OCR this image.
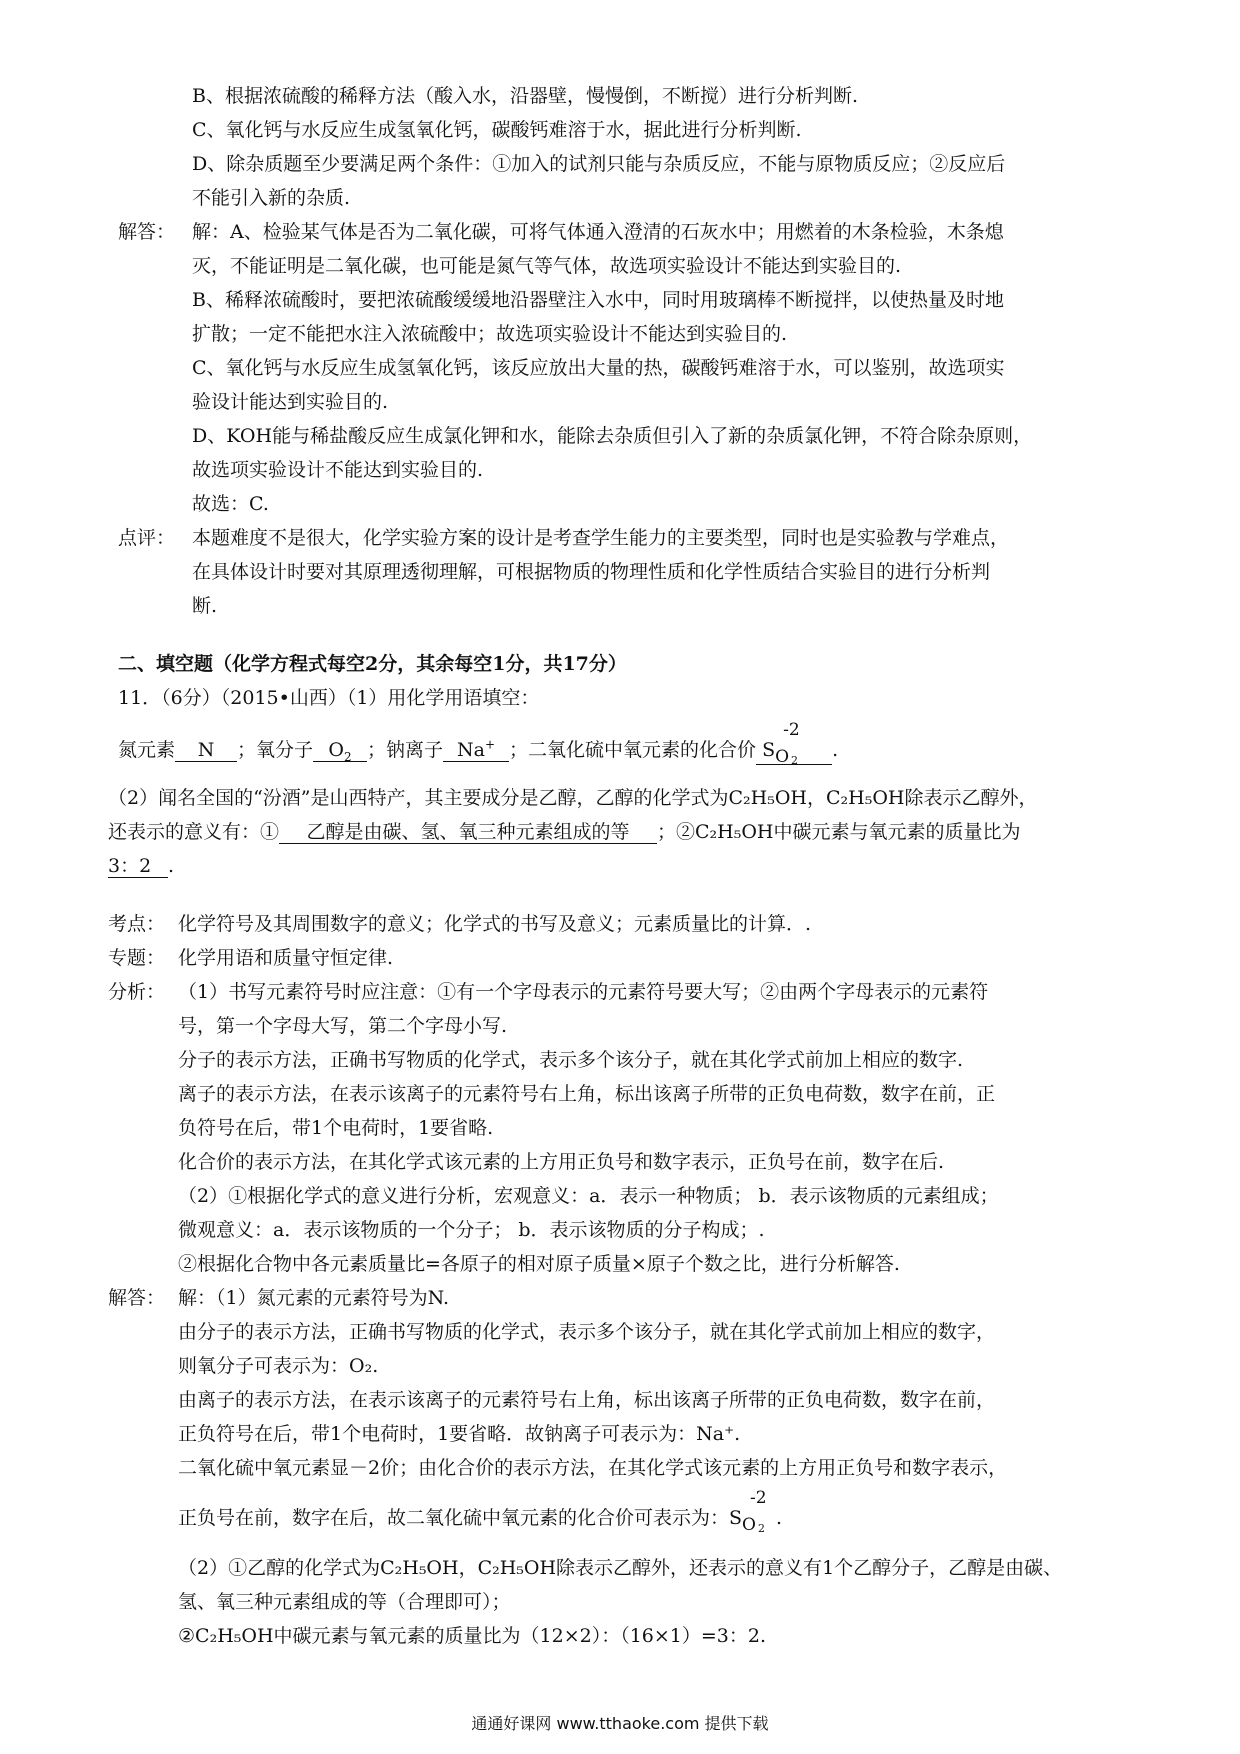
B、根据浓硫酸的稀释方法（酸入水，沿器壁，慢慢倒，不断搅）进行分析判断.
C、氧化钙与水反应生成氢氧化钙，碳酸钙难溶于水，据此进行分析判断.
D、除杂质题至少要满足两个条件：①加入的试剂只能与杂质反应，不能与原物质反应；②反应后
不能引入新的杂质.
解答： 解：A、检验某气体是否为二氧化碳，可将气体通入澄清的石灰水中；用燃着的木条检验，木条熄
灭，不能证明是二氧化碳，也可能是氮气等气体，故选项实验设计不能达到实验目的.
B、稀释浓硫酸时，要把浓硫酸缓缓地沿器壁注入水中，同时用玻璃棒不断搅拌，以使热量及时地
扩散；一定不能把水注入浓硫酸中；故选项实验设计不能达到实验目的.
C、氧化钙与水反应生成氢氧化钙，该反应放出大量的热，碳酸钙难溶于水，可以鉴别，故选项实
验设计能达到实验目的.
D、KOH能与稀盐酸反应生成氯化钾和水，能除去杂质但引入了新的杂质氯化钾，不符合除杂原则，
故选项实验设计不能达到实验目的.
故选：C.
点评： 本题难度不是很大，化学实验方案的设计是考查学生能力的主要类型，同时也是实验教与学难点，
在具体设计时要对其原理透彻理解，可根据物质的物理性质和化学性质结合实验目的进行分析判
断.
二、填空题（化学方程式每空2分，其余每空1分，共17分）
11．（6分）（2015•山西）（1）用化学用语填空：
氮元素 N ；氧分子 $O_2$ ；钠离子 Na+ ；二氧化硫中氧元素的化合价 S
-2
O 2 .
（2）闻名全国的“汾酒”是山西特产，其主要成分是乙醇，乙醇的化学式为C₂H₅OH，C₂H₅OH除表示乙醇外，
还表示的意义有：① 乙醇是由碳、氢、氧三种元素组成的等 ；②C₂H₅OH中碳元素与氧元素的质量比为
3：2 .
考点： 化学符号及其周围数字的意义；化学式的书写及意义；元素质量比的计算．.
专题： 化学用语和质量守恒定律.
分析： （1）书写元素符号时应注意：①有一个字母表示的元素符号要大写；②由两个字母表示的元素符
号，第一个字母大写，第二个字母小写.
分子的表示方法，正确书写物质的化学式，表示多个该分子，就在其化学式前加上相应的数字.
离子的表示方法，在表示该离子的元素符号右上角，标出该离子所带的正负电荷数，数字在前，正
负符号在后，带1个电荷时，1要省略.
化合价的表示方法，在其化学式该元素的上方用正负号和数字表示，正负号在前，数字在后.
（2）①根据化学式的意义进行分析，宏观意义：a．表示一种物质； b．表示该物质的元素组成；
微观意义：a．表示该物质的一个分子； b．表示该物质的分子构成；.
②根据化合物中各元素质量比=各原子的相对原子质量×原子个数之比，进行分析解答.
解答： 解：（1）氮元素的元素符号为N.
由分子的表示方法，正确书写物质的化学式，表示多个该分子，就在其化学式前加上相应的数字，
则氧分子可表示为：O₂.
由离子的表示方法，在表示该离子的元素符号右上角，标出该离子所带的正负电荷数，数字在前，
正负符号在后，带1个电荷时，1要省略．故钠离子可表示为：Na⁺.
二氧化硫中氧元素显－2价；由化合价的表示方法，在其化学式该元素的上方用正负号和数字表示，
正负号在前，数字在后，故二氧化硫中氧元素的化合价可表示为：S
-2
O 2 .
（2）①乙醇的化学式为C₂H₅OH，C₂H₅OH除表示乙醇外，还表示的意义有1个乙醇分子，乙醇是由碳、
氢、氧三种元素组成的等（合理即可）；
②C₂H₅OH中碳元素与氧元素的质量比为（12×2）：（16×1）=3：2.
通通好课网 www.tthaoke.com 提供下载
